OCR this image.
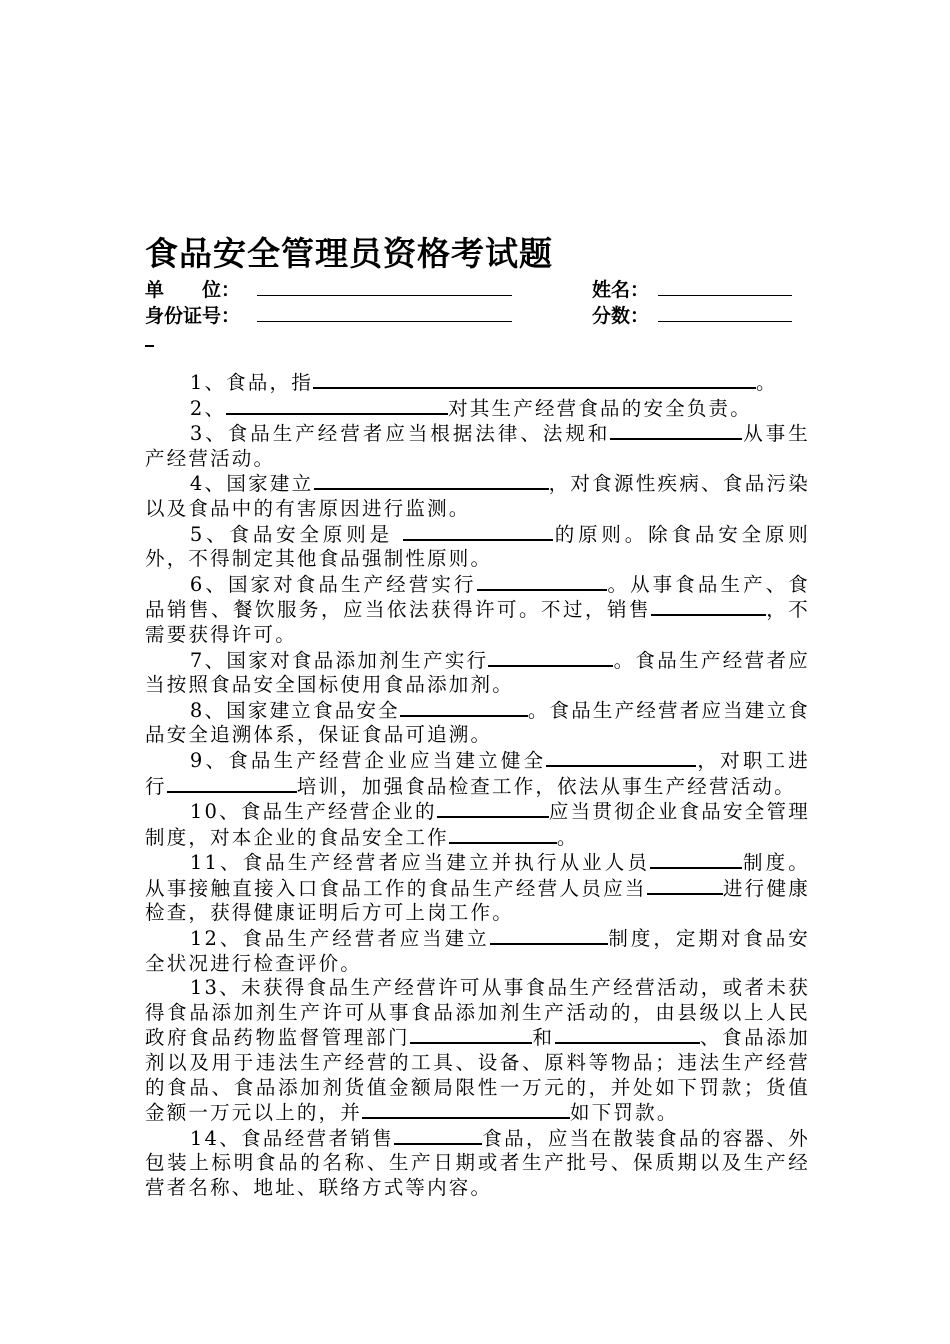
食品安全管理员资格考试题
单　　位：	姓名：
身份证号：	分数：

1、食品，指	。

2、	对其生产经营食品的安全负责。

3、食品生产经营者应当根据法律、法规和	从事生产经营活动。

4、国家建立	，对食源性疾病、食品污染以及食品中的有害原因进行监测。

5、食品安全原则是	的原则。除食品安全原则外，不得制定其他食品强制性原则。

6、国家对食品生产经营实行	。从事食品生产、食品销售、餐饮服务，应当依法获得许可。不过，销售	，不需要获得许可。

7、国家对食品添加剂生产实行	。食品生产经营者应当按照食品安全国标使用食品添加剂。

8、国家建立食品安全	。食品生产经营者应当建立食品安全追溯体系，保证食品可追溯。

9、食品生产经营企业应当建立健全	，对职工进行	培训，加强食品检查工作，依法从事生产经营活动。

10、食品生产经营企业的	应当贯彻企业食品安全管理制度，对本企业的食品安全工作	。

11、食品生产经营者应当建立并执行从业人员	制度。从事接触直接入口食品工作的食品生产经营人员应当	进行健康检查，获得健康证明后方可上岗工作。

12、食品生产经营者应当建立	制度，定期对食品安全状况进行检查评价。

13、未获得食品生产经营许可从事食品生产经营活动，或者未获得食品添加剂生产许可从事食品添加剂生产活动的，由县级以上人民政府食品药物监督管理部门	和	、食品添加剂以及用于违法生产经营的工具、设备、原料等物品；违法生产经营的食品、食品添加剂货值金额局限性一万元的，并处如下罚款；货值金额一万元以上的，并	如下罚款。

14、食品经营者销售	食品，应当在散装食品的容器、外包装上标明食品的名称、生产日期或者生产批号、保质期以及生产经营者名称、地址、联络方式等内容。
